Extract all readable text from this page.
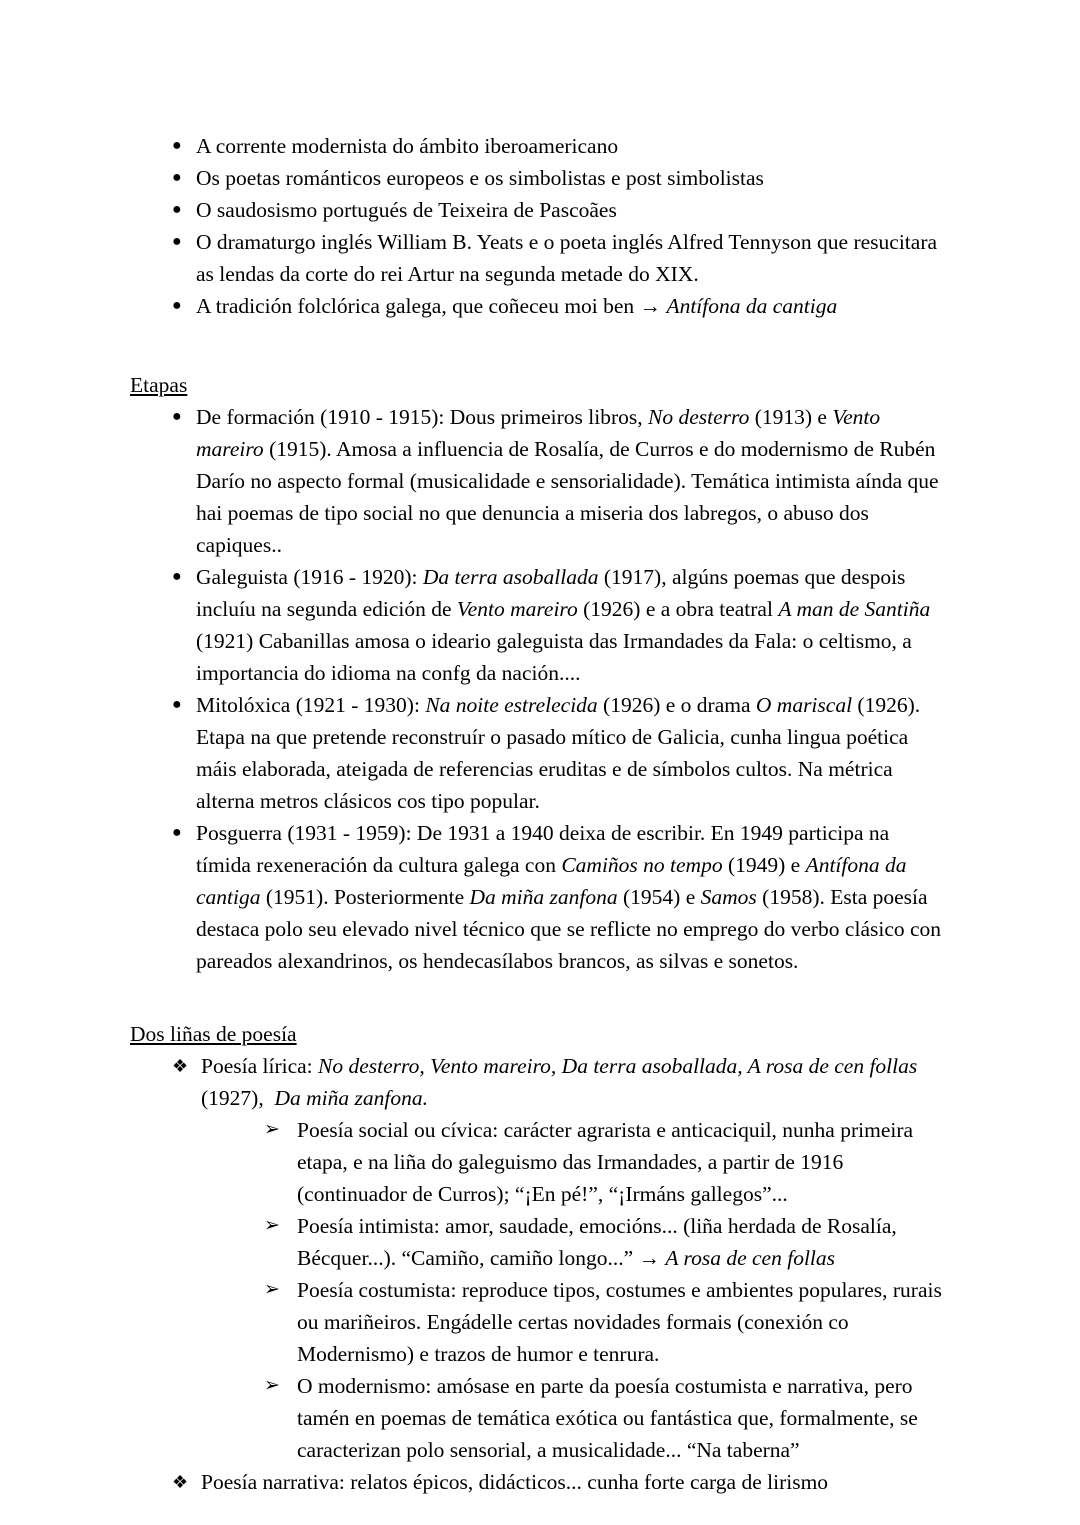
● A corrente modernista do ámbito iberoamericano
● Os poetas románticos europeos e os simbolistas e post simbolistas
● O saudosismo portugués de Teixeira de Pascoães
● O dramaturgo inglés William B. Yeats e o poeta inglés Alfred Tennyson que resucitara as lendas da corte do rei Artur na segunda metade do XIX.
● A tradición folclórica galega, que coñeceu moi ben → Antífona da cantiga
Etapas
● De formación (1910 - 1915): Dous primeiros libros, No desterro (1913) e Vento mareiro (1915). Amosa a influencia de Rosalía, de Curros e do modernismo de Rubén Darío no aspecto formal (musicalidade e sensorialidade). Temática intimista aínda que hai poemas de tipo social no que denuncia a miseria dos labregos, o abuso dos capiques..
● Galeguista (1916 - 1920): Da terra asoballada (1917), algúns poemas que despois incluíu na segunda edición de Vento mareiro (1926) e a obra teatral A man de Santiña (1921) Cabanillas amosa o ideario galeguista das Irmandades da Fala: o celtismo, a importancia do idioma na confg da nación....
● Mitolóxica (1921 - 1930): Na noite estrelecida (1926) e o drama O mariscal (1926). Etapa na que pretende reconstruír o pasado mítico de Galicia, cunha lingua poética máis elaborada, ateigada de referencias eruditas e de símbolos cultos. Na métrica alterna metros clásicos cos tipo popular.
● Posguerra (1931 - 1959): De 1931 a 1940 deixa de escribir. En 1949 participa na tímida rexeneración da cultura galega con Camiños no tempo (1949) e Antífona da cantiga (1951). Posteriormente Da miña zanfona (1954) e Samos (1958). Esta poesía destaca polo seu elevado nivel técnico que se reflicte no emprego do verbo clásico con pareados alexandrinos, os hendecasílabos brancos, as silvas e sonetos.
Dos liñas de poesía
❖ Poesía lírica: No desterro, Vento mareiro, Da terra asoballada, A rosa de cen follas (1927),  Da miña zanfona.
➢ Poesía social ou cívica: carácter agrarista e anticaciquil, nunha primeira etapa, e na liña do galeguismo das Irmandades, a partir de 1916 (continuador de Curros); “¡En pé!”, “¡Irmáns gallegos”...
➢ Poesía intimista: amor, saudade, emocións... (liña herdada de Rosalía, Bécquer...). “Camiño, camiño longo...” → A rosa de cen follas
➢ Poesía costumista: reproduce tipos, costumes e ambientes populares, rurais ou mariñeiros. Engádelle certas novidades formais (conexión co Modernismo) e trazos de humor e tenrura.
➢ O modernismo: amósase en parte da poesía costumista e narrativa, pero tamén en poemas de temática exótica ou fantástica que, formalmente, se caracterizan polo sensorial, a musicalidade... “Na taberna”
❖ Poesía narrativa: relatos épicos, didácticos... cunha forte carga de lirismo
